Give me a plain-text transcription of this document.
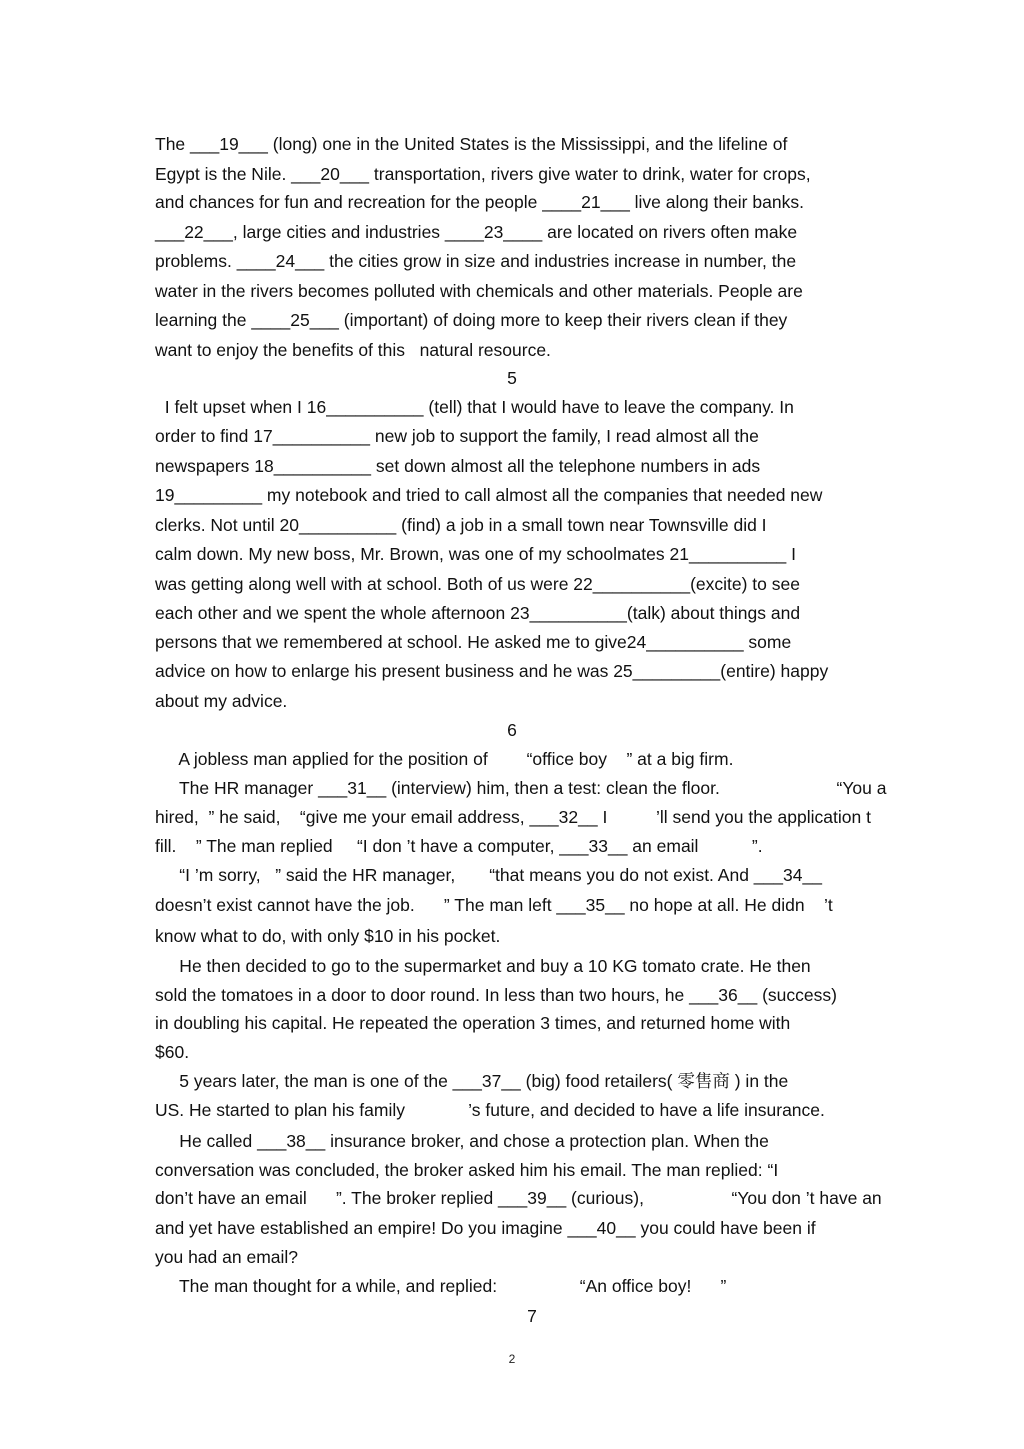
The ___19___ (long) one in the United States is the Mississippi, and the lifeline of
Egypt is the Nile. ___20___ transportation, rivers give water to drink, water for crops,
and chances for fun and recreation for the people ____21___ live along their banks.
___22___, large cities and industries ____23____ are located on rivers often make
problems. ____24___ the cities grow in size and industries increase in number, the
water in the rivers becomes polluted with chemicals and other materials. People are
learning the ____25___ (important) of doing more to keep their rivers clean if they
want to enjoy the benefits of this   natural resource.
5
I felt upset when I 16__________ (tell) that I would have to leave the company. In
order to find 17__________ new job to support the family, I read almost all the
newspapers 18__________ set down almost all the telephone numbers in ads
19_________ my notebook and tried to call almost all the companies that needed new
clerks. Not until 20__________ (find) a job in a small town near Townsville did I
calm down. My new boss, Mr. Brown, was one of my schoolmates 21__________ I
was getting along well with at school. Both of us were 22__________(excite) to see
each other and we spent the whole afternoon 23__________(talk) about things and
persons that we remembered at school. He asked me to give24__________ some
advice on how to enlarge his present business and he was 25_________(entire) happy
about my advice.
6
A jobless man applied for the position of        “office boy    ” at a big firm.
The HR manager ___31__ (interview) him, then a test: clean the floor.                        “You a
hired,  ” he said,    “give me your email address, ___32__ I          ’ll send you the application t
fill.    ” The man replied     “I don ’t have a computer, ___33__ an email           ”.
“I ’m sorry,   ” said the HR manager,       “that means you do not exist. And ___34__
doesn’t exist cannot have the job.      ” The man left ___35__ no hope at all. He didn    ’t
know what to do, with only $10 in his pocket.
He then decided to go to the supermarket and buy a 10 KG tomato crate. He then
sold the tomatoes in a door to door round. In less than two hours, he ___36__ (success)
in doubling his capital. He repeated the operation 3 times, and returned home with
$60.
5 years later, the man is one of the ___37__ (big) food retailers( 零售商 ) in the
US. He started to plan his family             ’s future, and decided to have a life insurance.
He called ___38__ insurance broker, and chose a protection plan. When the
conversation was concluded, the broker asked him his email. The man replied: “I
don’t have an email      ”. The broker replied ___39__ (curious),                  “You don ’t have an
and yet have established an empire! Do you imagine ___40__ you could have been if
you had an email?
The man thought for a while, and replied:                 “An office boy!      ”
7
2
